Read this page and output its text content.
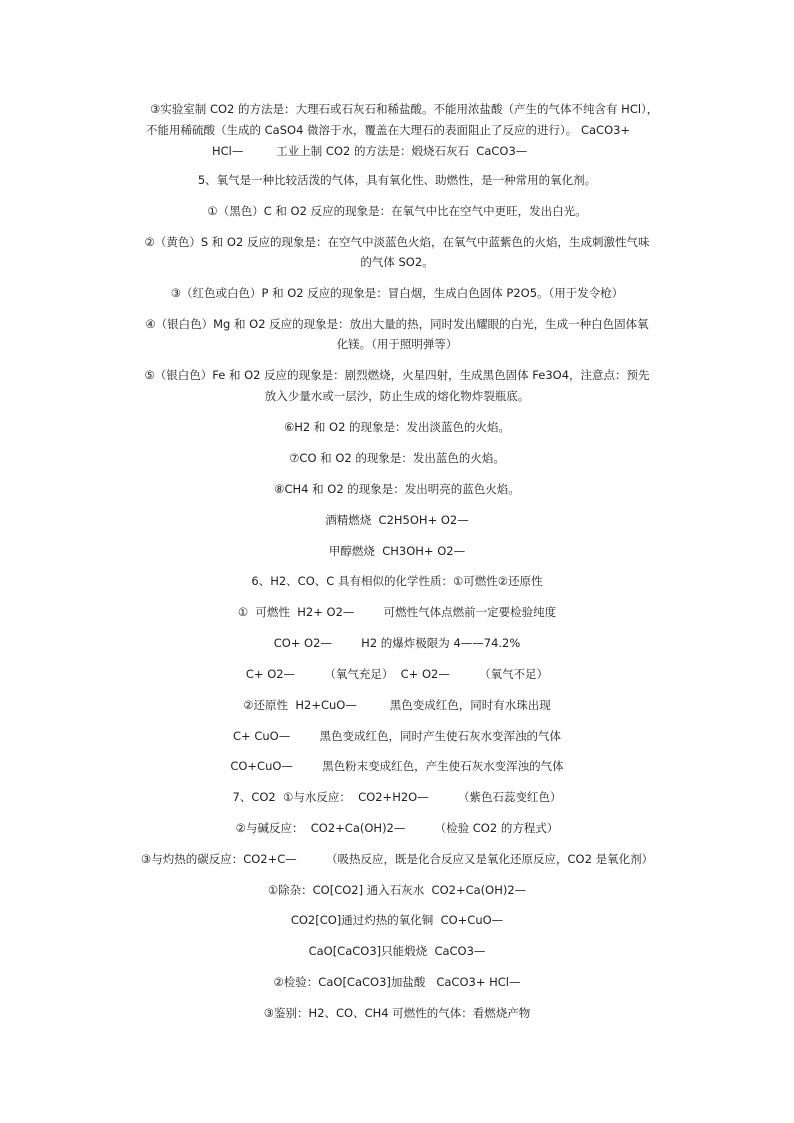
③实验室制 CO2 的方法是：大理石或石灰石和稀盐酸。不能用浓盐酸（产生的气体不纯含有 HCl），
不能用稀硫酸（生成的 CaSO4 微溶于水，覆盖在大理石的表面阻止了反应的进行）。 CaCO3+
HCl—         工业上制 CO2 的方法是：煅烧石灰石  CaCO3—
5、氧气是一种比较活泼的气体，具有氧化性、助燃性，是一种常用的氧化剂。
①（黑色）C 和 O2 反应的现象是：在氧气中比在空气中更旺，发出白光。
②（黄色）S 和 O2 反应的现象是：在空气中淡蓝色火焰，在氧气中蓝紫色的火焰，生成刺激性气味
的气体 SO2。
③（红色或白色）P 和 O2 反应的现象是：冒白烟，生成白色固体 P2O5。（用于发令枪）
④（银白色）Mg 和 O2 反应的现象是：放出大量的热，同时发出耀眼的白光，生成一种白色固体氧
化镁。（用于照明弹等）
⑤（银白色）Fe 和 O2 反应的现象是：剧烈燃烧，火星四射，生成黑色固体 Fe3O4，注意点：预先
放入少量水或一层沙，防止生成的熔化物炸裂瓶底。
⑥H2 和 O2 的现象是：发出淡蓝色的火焰。
⑦CO 和 O2 的现象是：发出蓝色的火焰。
⑧CH4 和 O2 的现象是：发出明亮的蓝色火焰。
酒精燃烧  C2H5OH+ O2—
甲醇燃烧  CH3OH+ O2—
6、H2、CO、C 具有相似的化学性质：①可燃性②还原性
①  可燃性  H2+ O2—        可燃性气体点燃前一定要检验纯度
CO+ O2—        H2 的爆炸极限为 4——74.2%
C+ O2—        （氧气充足）  C+ O2—        （氧气不足）
②还原性  H2+CuO—         黑色变成红色，同时有水珠出现
C+ CuO—        黑色变成红色，同时产生使石灰水变浑浊的气体
CO+CuO—        黑色粉末变成红色，产生使石灰水变浑浊的气体
7、CO2  ①与水反应：  CO2+H2O—        （紫色石蕊变红色）
②与碱反应：  CO2+Ca(OH)2—        （检验 CO2 的方程式）
③与灼热的碳反应：CO2+C—        （吸热反应，既是化合反应又是氧化还原反应，CO2 是氧化剂）
①除杂：CO[CO2] 通入石灰水  CO2+Ca(OH)2—
CO2[CO]通过灼热的氧化铜  CO+CuO—
CaO[CaCO3]只能煅烧  CaCO3—
②检验：CaO[CaCO3]加盐酸   CaCO3+ HCl—
③鉴别：H2、CO、CH4 可燃性的气体：看燃烧产物
